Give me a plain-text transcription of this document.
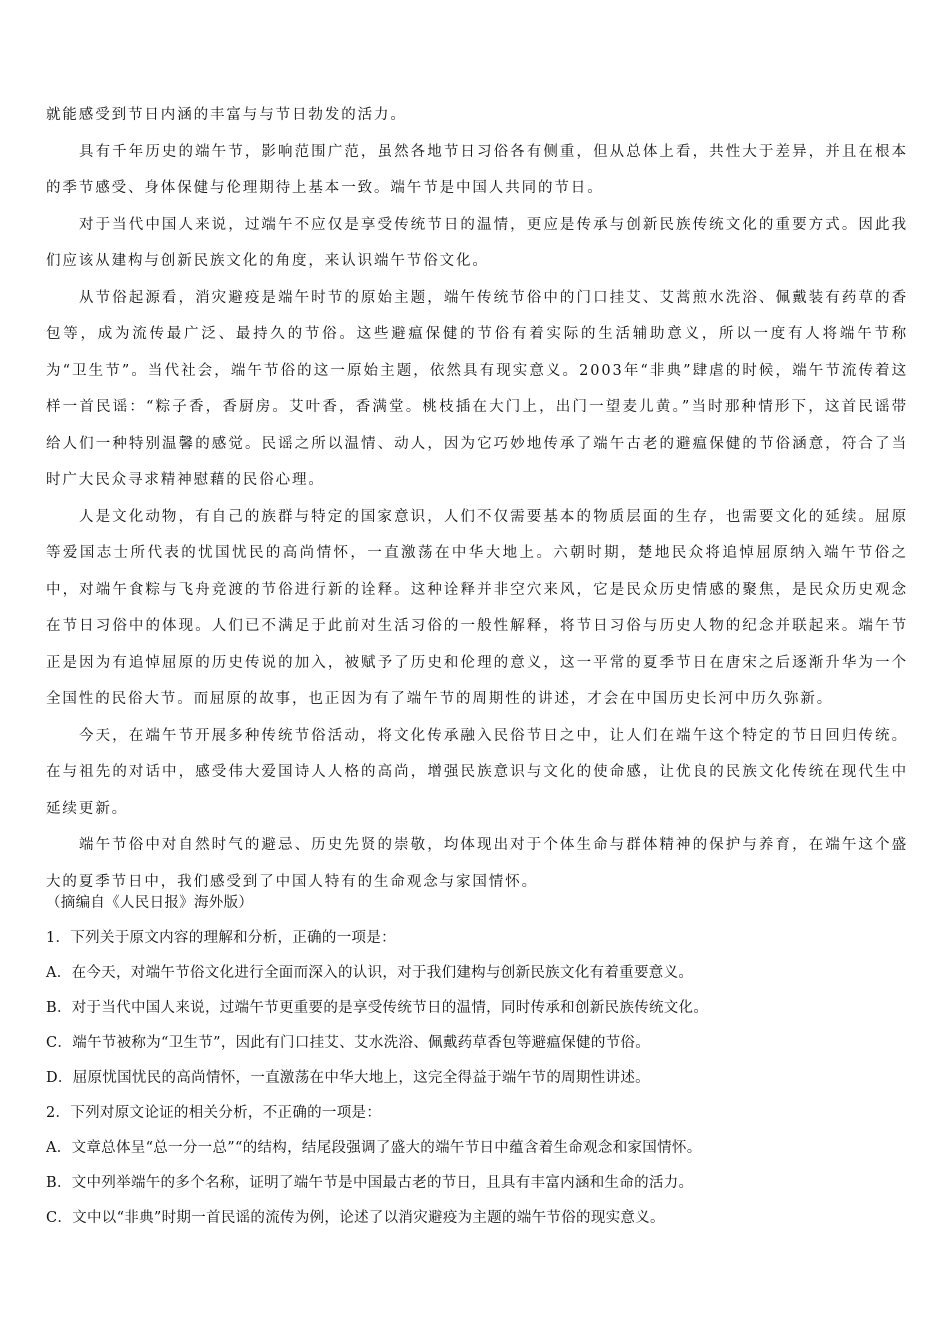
就能感受到节日内涵的丰富与与节日勃发的活力。

具有千年历史的端午节，影响范围广范，虽然各地节日习俗各有侧重，但从总体上看，共性大于差异，并且在根本的季节感受、身体保健与伦理期待上基本一致。端午节是中国人共同的节日。

对于当代中国人来说，过端午不应仅是享受传统节日的温情，更应是传承与创新民族传统文化的重要方式。因此我们应该从建构与创新民族文化的角度，来认识端午节俗文化。

从节俗起源看，消灾避疫是端午时节的原始主题，端午传统节俗中的门口挂艾、艾蒿煎水洗浴、佩戴装有药草的香包等，成为流传最广泛、最持久的节俗。这些避瘟保健的节俗有着实际的生活辅助意义，所以一度有人将端午节称为“卫生节”。当代社会，端午节俗的这一原始主题，依然具有现实意义。2003年“非典”肆虐的时候，端午节流传着这样一首民谣：“粽子香，香厨房。艾叶香，香满堂。桃枝插在大门上，出门一望麦儿黄。”当时那种情形下，这首民谣带给人们一种特别温馨的感觉。民谣之所以温情、动人，因为它巧妙地传承了端午古老的避瘟保健的节俗涵意，符合了当时广大民众寻求精神慰藉的民俗心理。

人是文化动物，有自己的族群与特定的国家意识，人们不仅需要基本的物质层面的生存，也需要文化的延续。屈原等爱国志士所代表的忧国忧民的高尚情怀，一直激荡在中华大地上。六朝时期，楚地民众将追悼屈原纳入端午节俗之中，对端午食粽与飞舟竞渡的节俗进行新的诠释。这种诠释并非空穴来风，它是民众历史情感的聚焦，是民众历史观念在节日习俗中的体现。人们已不满足于此前对生活习俗的一般性解释，将节日习俗与历史人物的纪念并联起来。端午节正是因为有追悼屈原的历史传说的加入，被赋予了历史和伦理的意义，这一平常的夏季节日在唐宋之后逐渐升华为一个全国性的民俗大节。而屈原的故事，也正因为有了端午节的周期性的讲述，才会在中国历史长河中历久弥新。

今天，在端午节开展多种传统节俗活动，将文化传承融入民俗节日之中，让人们在端午这个特定的节日回归传统。在与祖先的对话中，感受伟大爱国诗人人格的高尚，增强民族意识与文化的使命感，让优良的民族文化传统在现代生中延续更新。

端午节俗中对自然时气的避忌、历史先贤的崇敬，均体现出对于个体生命与群体精神的保护与养育，在端午这个盛大的夏季节日中，我们感受到了中国人特有的生命观念与家国情怀。

（摘编自《人民日报》海外版）

1．下列关于原文内容的理解和分析，正确的一项是：

A．在今天，对端午节俗文化进行全面而深入的认识，对于我们建构与创新民族文化有着重要意义。

B．对于当代中国人来说，过端午节更重要的是享受传统节日的温情，同时传承和创新民族传统文化。

C．端午节被称为“卫生节”，因此有门口挂艾、艾水洗浴、佩戴药草香包等避瘟保健的节俗。

D．屈原忧国忧民的高尚情怀，一直激荡在中华大地上，这完全得益于端午节的周期性讲述。

2．下列对原文论证的相关分析，不正确的一项是：

A．文章总体呈“总一分一总”“的结构，结尾段强调了盛大的端午节日中蕴含着生命观念和家国情怀。

B．文中列举端午的多个名称，证明了端午节是中国最古老的节日，且具有丰富内涵和生命的活力。

C．文中以“非典”时期一首民谣的流传为例，论述了以消灾避疫为主题的端午节俗的现实意义。
